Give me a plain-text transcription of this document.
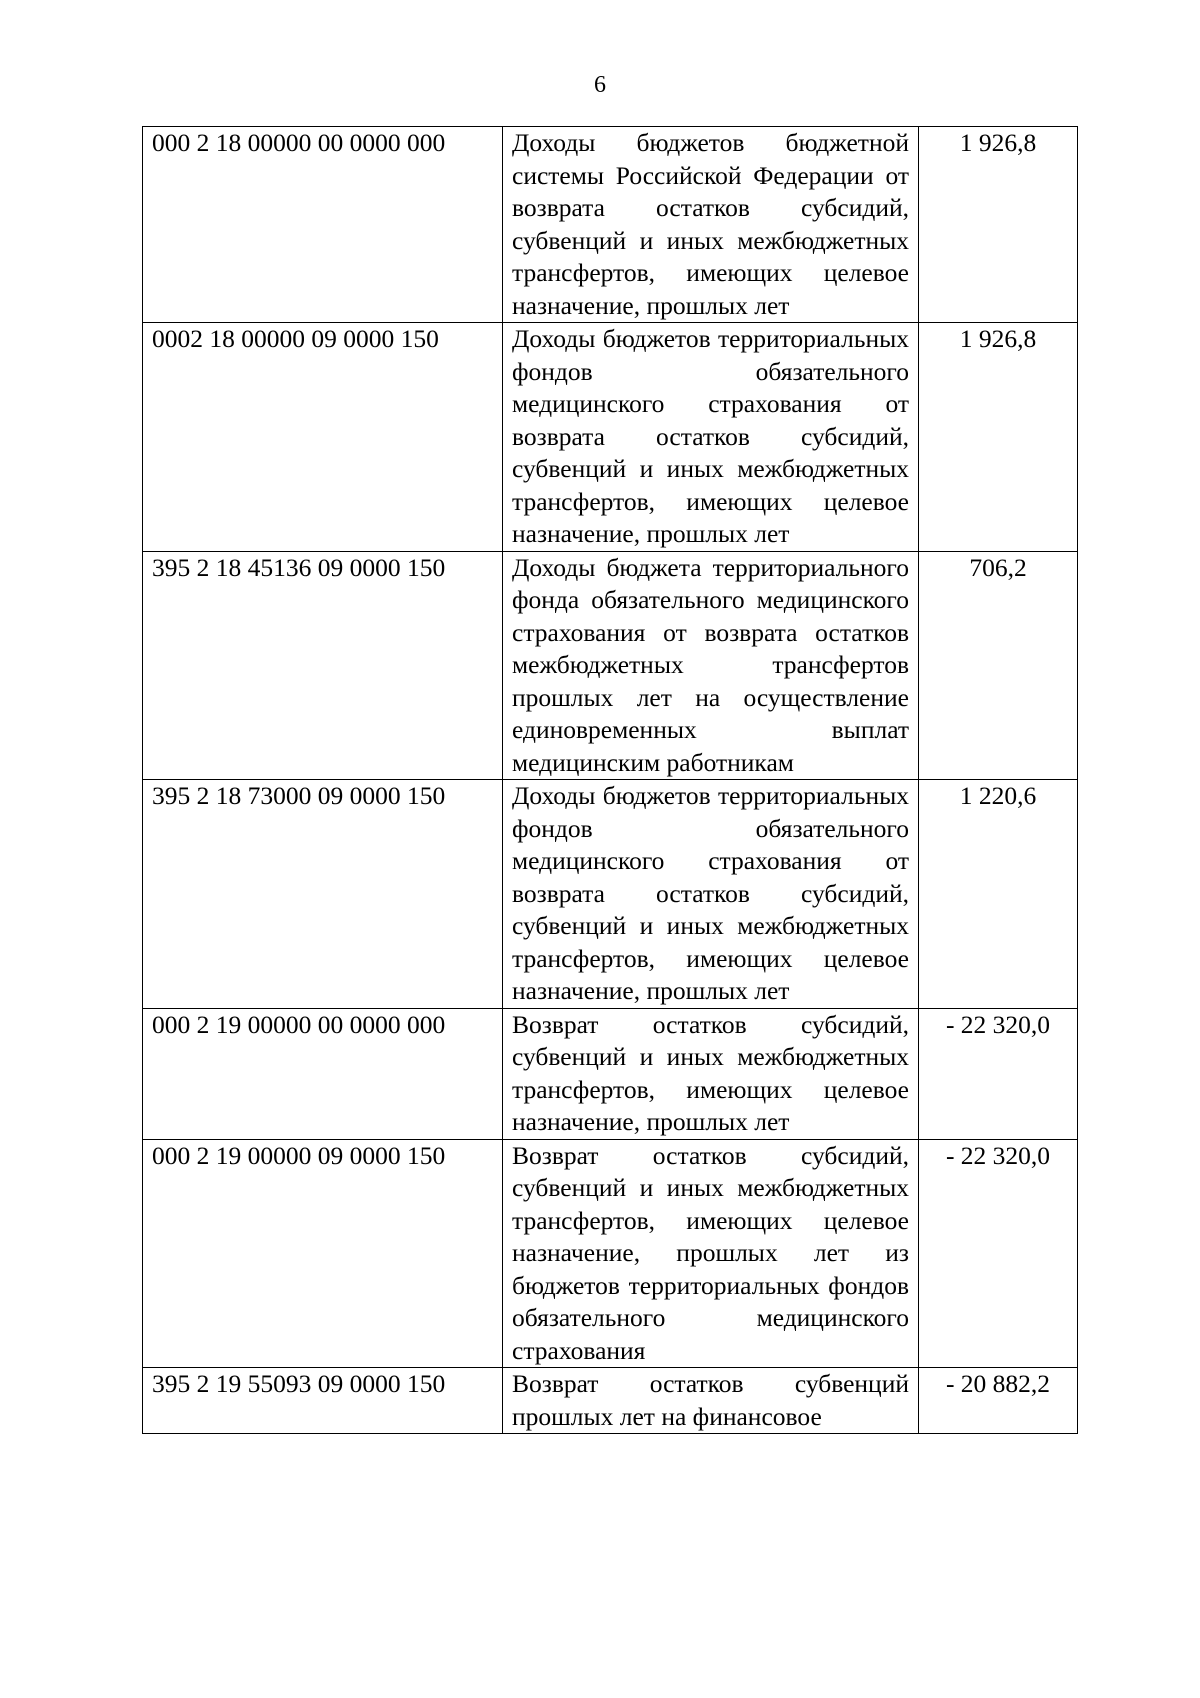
6
000 2 18 00000 00 0000 000	Доходы бюджетов бюджетной системы Российской Федерации от возврата остатков субсидий, субвенций и иных межбюджетных трансфертов, имеющих целевое назначение, прошлых лет	1 926,8
0002 18 00000 09 0000 150	Доходы бюджетов территориальных фондов обязательного медицинского страхования от возврата остатков субсидий, субвенций и иных межбюджетных трансфертов, имеющих целевое назначение, прошлых лет	1 926,8
395 2 18 45136 09 0000 150	Доходы бюджета территориального фонда обязательного медицинского страхования от возврата остатков межбюджетных трансфертов прошлых лет на осуществление единовременных выплат медицинским работникам	706,2
395 2 18 73000 09 0000 150	Доходы бюджетов территориальных фондов обязательного медицинского страхования от возврата остатков субсидий, субвенций и иных межбюджетных трансфертов, имеющих целевое назначение, прошлых лет	1 220,6
000 2 19 00000 00 0000 000	Возврат остатков субсидий, субвенций и иных межбюджетных трансфертов, имеющих целевое назначение, прошлых лет	- 22 320,0
000 2 19 00000 09 0000 150	Возврат остатков субсидий, субвенций и иных межбюджетных трансфертов, имеющих целевое назначение, прошлых лет из бюджетов территориальных фондов обязательного медицинского страхования	- 22 320,0
395 2 19 55093 09 0000 150	Возврат остатков субвенций прошлых лет на финансовое	- 20 882,2
